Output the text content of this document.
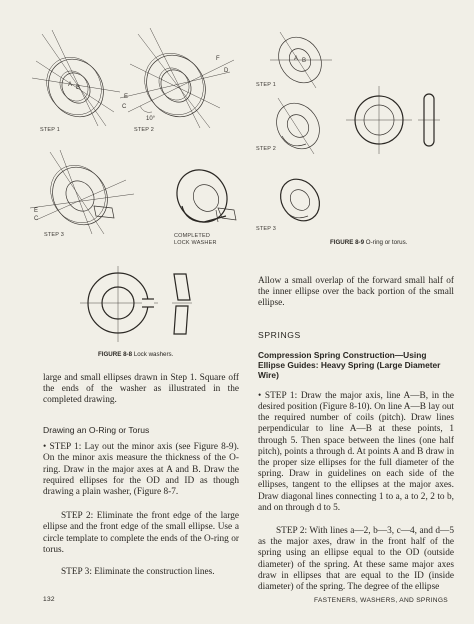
A B
STEP 1
F
D
C
E
10°
STEP 2
E
C
STEP 3	COMPLETED
LOCK WASHER
FIGURE 8-8 Lock washers.
A B
STEP 1
STEP 2
STEP 3
FIGURE 8-9 O-ring or torus.
large and small ellipses drawn in Step 1. Square off the ends of the washer as illustrated in the completed drawing.
Drawing an O-Ring or Torus
• STEP 1: Lay out the minor axis (see Figure 8-9). On the minor axis measure the thickness of the O-ring. Draw in the major axes at A and B. Draw the required ellipses for the OD and ID as though drawing a plain washer, (Figure 8-7.
STEP 2: Eliminate the front edge of the large ellipse and the front edge of the small ellipse. Use a circle template to complete the ends of the O-ring or torus.
STEP 3: Eliminate the construction lines.
Allow a small overlap of the forward small half of the inner ellipse over the back portion of the small ellipse.
SPRINGS
Compression Spring Construction—Using Ellipse Guides: Heavy Spring (Large Diameter Wire)
• STEP 1: Draw the major axis, line A—B, in the desired position (Figure 8-10). On line A—B lay out the required number of coils (pitch). Draw lines perpendicular to line A—B at these points, 1 through 5. Then space between the lines (one half pitch), points a through d. At points A and B draw in the proper size ellipses for the full diameter of the spring. Draw in guidelines on each side of the ellipses, tangent to the ellipses at the major axes. Draw diagonal lines connecting 1 to a, a to 2, 2 to b, and on through d to 5.
STEP 2: With lines a—2, b—3, c—4, and d—5 as the major axes, draw in the front half of the spring using an ellipse equal to the OD (outside diameter) of the spring. At these same major axes draw in ellipses that are equal to the ID (inside diameter) of the spring. The degree of the ellipse
132	FASTENERS, WASHERS, AND SPRINGS
